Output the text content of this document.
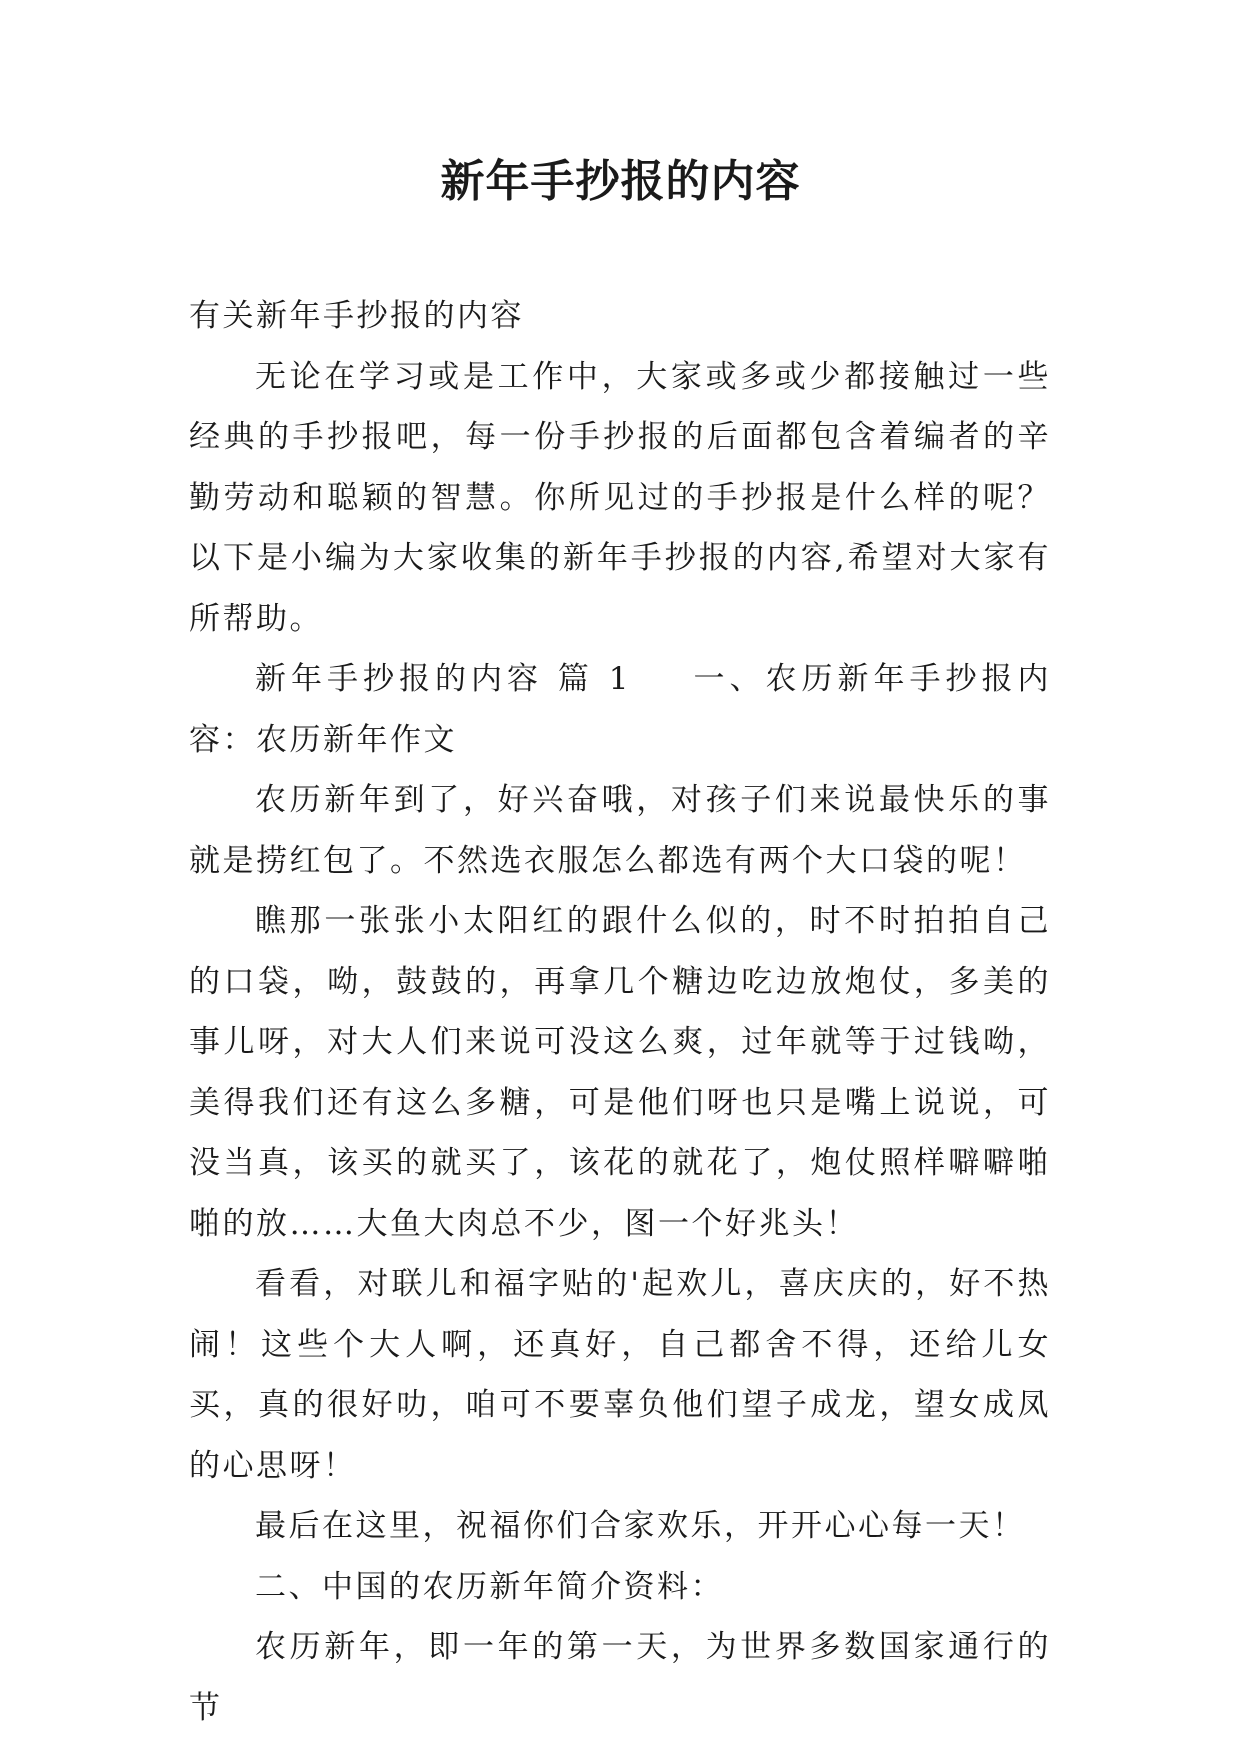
新年手抄报的内容

有关新年手抄报的内容

无论在学习或是工作中，大家或多或少都接触过一些经典的手抄报吧，每一份手抄报的后面都包含着编者的辛勤劳动和聪颖的智慧。你所见过的手抄报是什么样的呢？以下是小编为大家收集的新年手抄报的内容,希望对大家有所帮助。

新年手抄报的内容 篇 1 一、农历新年手抄报内容：农历新年作文

农历新年到了，好兴奋哦，对孩子们来说最快乐的事就是捞红包了。不然选衣服怎么都选有两个大口袋的呢！

瞧那一张张小太阳红的跟什么似的，时不时拍拍自己的口袋，呦，鼓鼓的，再拿几个糖边吃边放炮仗，多美的事儿呀，对大人们来说可没这么爽，过年就等于过钱呦，美得我们还有这么多糖，可是他们呀也只是嘴上说说，可没当真，该买的就买了，该花的就花了，炮仗照样噼噼啪啪的放……大鱼大肉总不少，图一个好兆头！

看看，对联儿和福字贴的'起欢儿，喜庆庆的，好不热闹！这些个大人啊，还真好，自己都舍不得，还给儿女买，真的很好叻，咱可不要辜负他们望子成龙，望女成凤的心思呀！

最后在这里，祝福你们合家欢乐，开开心心每一天！

二、中国的农历新年简介资料：

农历新年，即一年的第一天，为世界多数国家通行的节
